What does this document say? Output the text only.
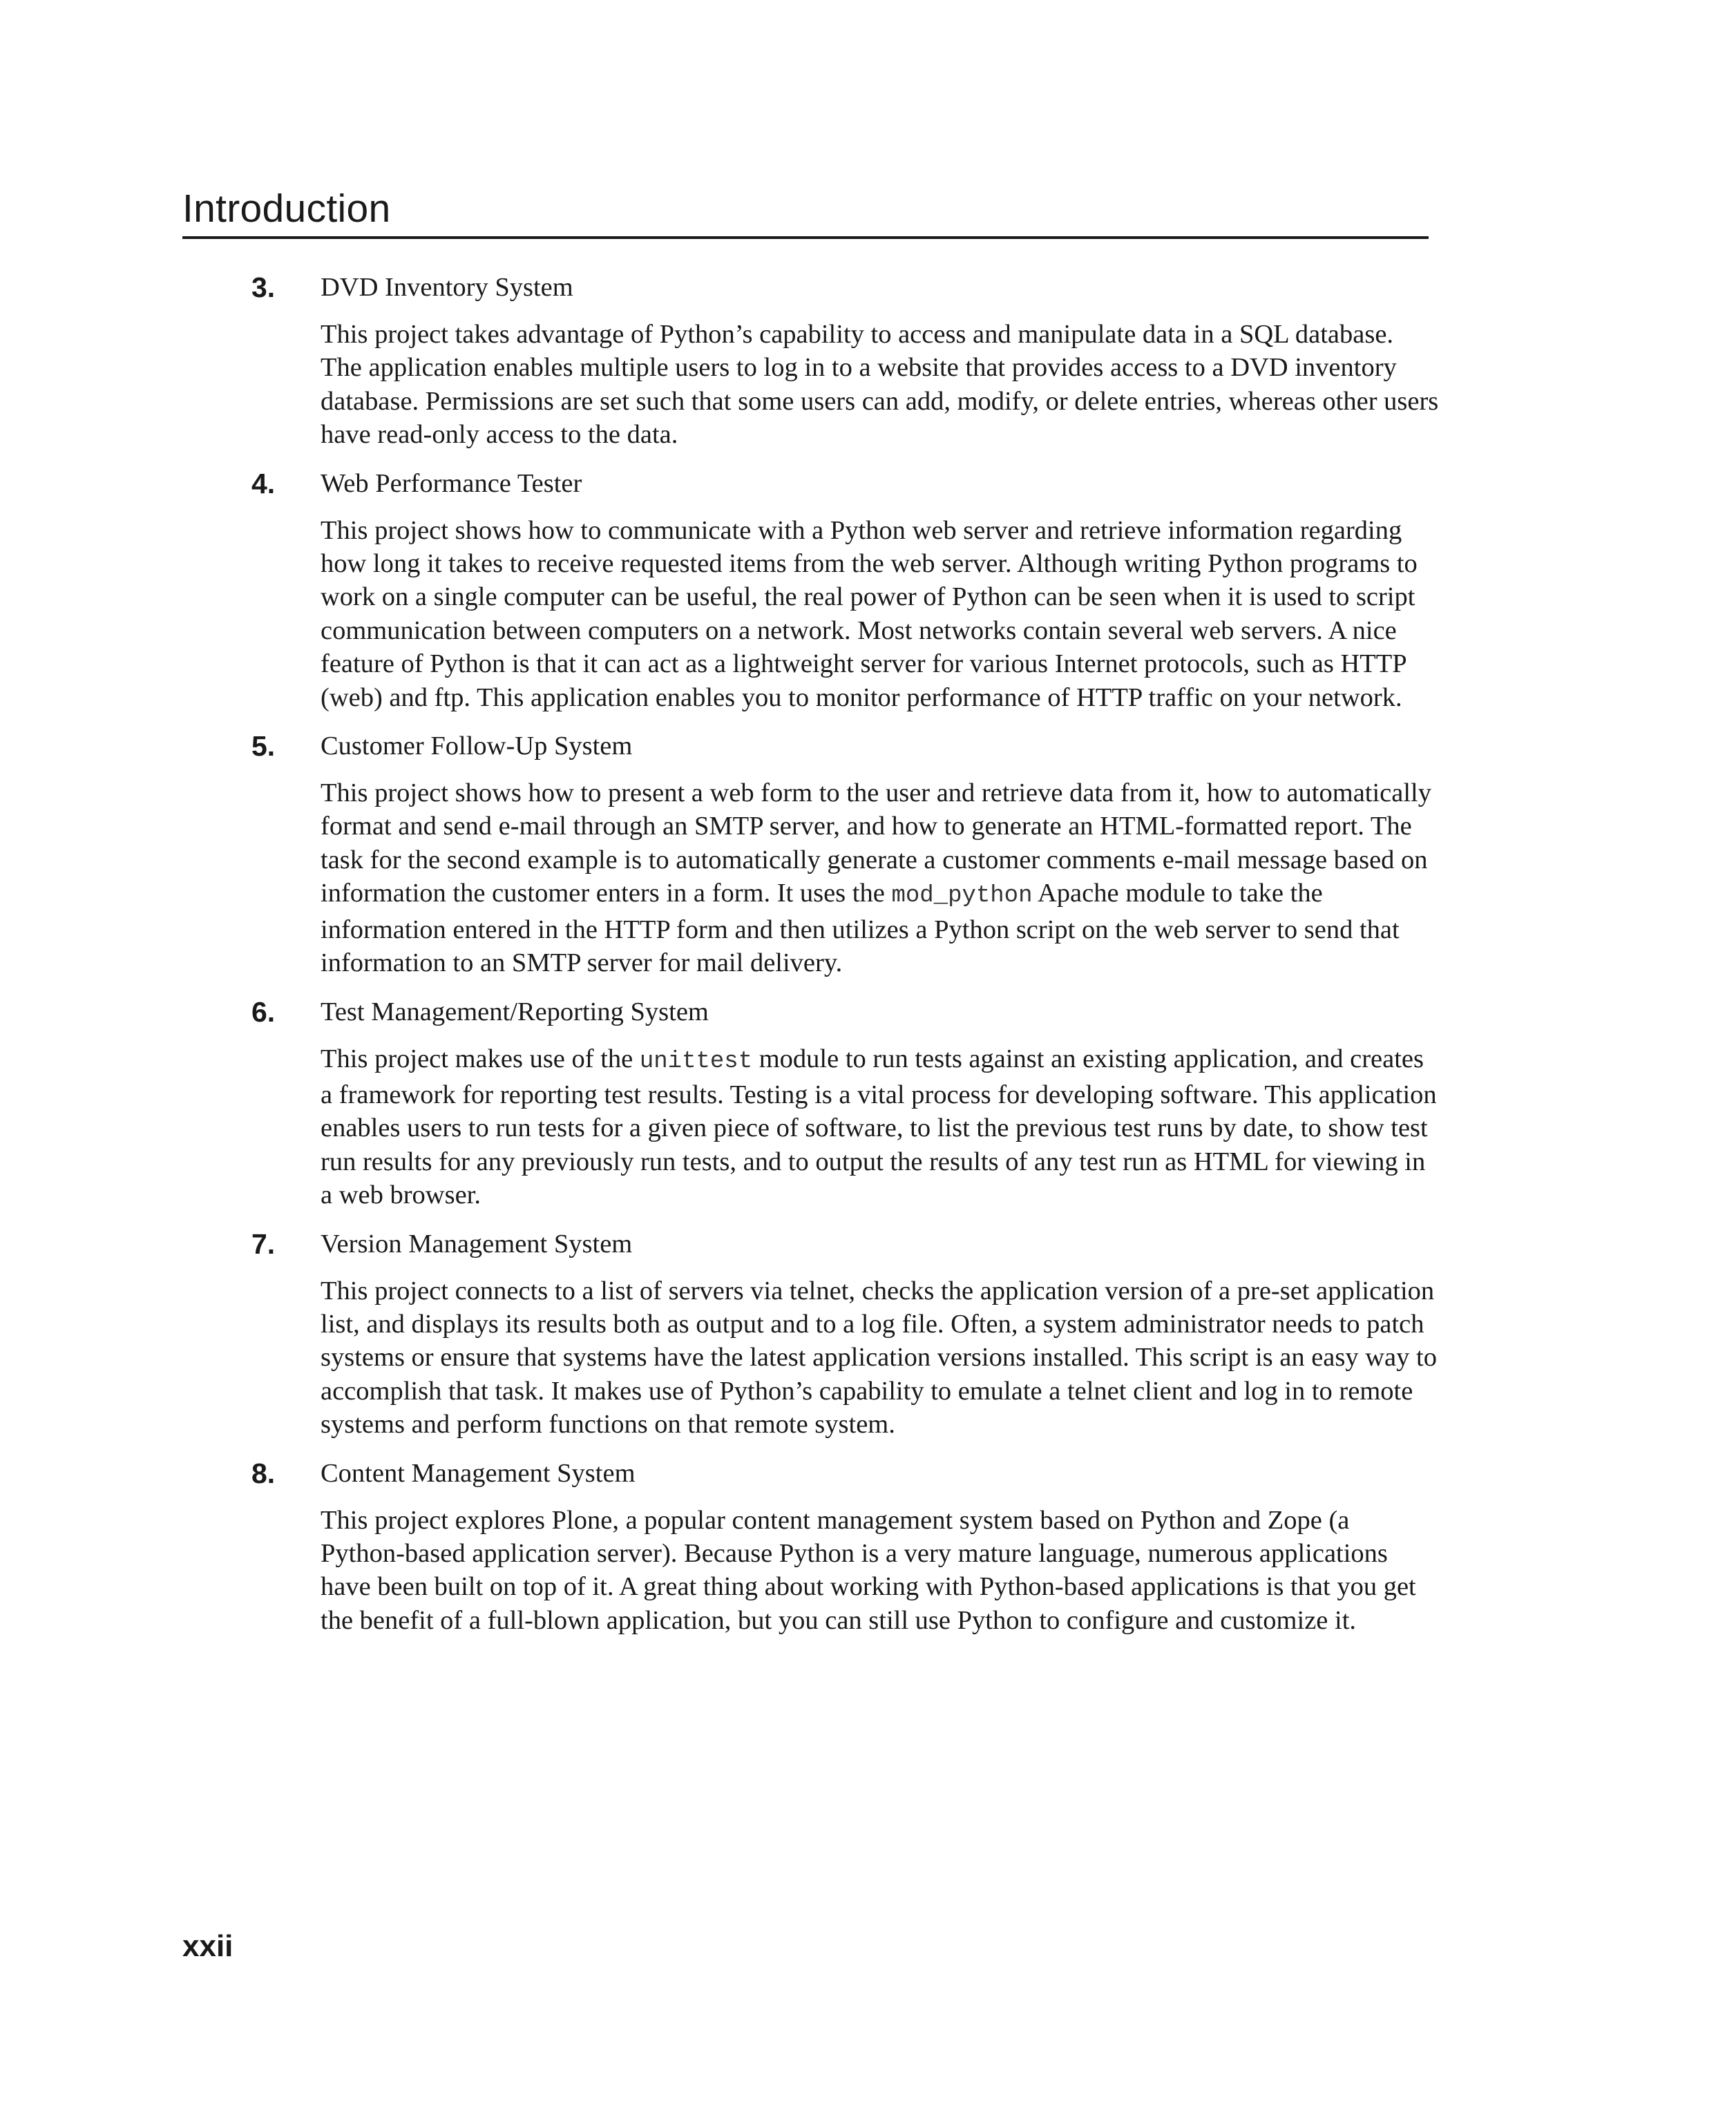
Introduction
3. DVD Inventory System
This project takes advantage of Python’s capability to access and manipulate data in a SQL database. The application enables multiple users to log in to a website that provides access to a DVD inventory database. Permissions are set such that some users can add, modify, or delete entries, whereas other users have read-only access to the data.
4. Web Performance Tester
This project shows how to communicate with a Python web server and retrieve information regarding how long it takes to receive requested items from the web server. Although writing Python programs to work on a single computer can be useful, the real power of Python can be seen when it is used to script communication between computers on a network. Most networks contain several web servers. A nice feature of Python is that it can act as a lightweight server for various Internet protocols, such as HTTP (web) and ftp. This application enables you to monitor performance of HTTP traffic on your network.
5. Customer Follow-Up System
This project shows how to present a web form to the user and retrieve data from it, how to automatically format and send e-mail through an SMTP server, and how to generate an HTML-formatted report. The task for the second example is to automatically generate a customer comments e-mail message based on information the customer enters in a form. It uses the mod_python Apache module to take the information entered in the HTTP form and then utilizes a Python script on the web server to send that information to an SMTP server for mail delivery.
6. Test Management/Reporting System
This project makes use of the unittest module to run tests against an existing application, and creates a framework for reporting test results. Testing is a vital process for developing software. This application enables users to run tests for a given piece of software, to list the previous test runs by date, to show test run results for any previously run tests, and to output the results of any test run as HTML for viewing in a web browser.
7. Version Management System
This project connects to a list of servers via telnet, checks the application version of a pre-set application list, and displays its results both as output and to a log file. Often, a system administrator needs to patch systems or ensure that systems have the latest application versions installed. This script is an easy way to accomplish that task. It makes use of Python’s capability to emulate a telnet client and log in to remote systems and perform functions on that remote system.
8. Content Management System
This project explores Plone, a popular content management system based on Python and Zope (a Python-based application server). Because Python is a very mature language, numerous applications have been built on top of it. A great thing about working with Python-based applications is that you get the benefit of a full-blown application, but you can still use Python to configure and customize it.
xxii
